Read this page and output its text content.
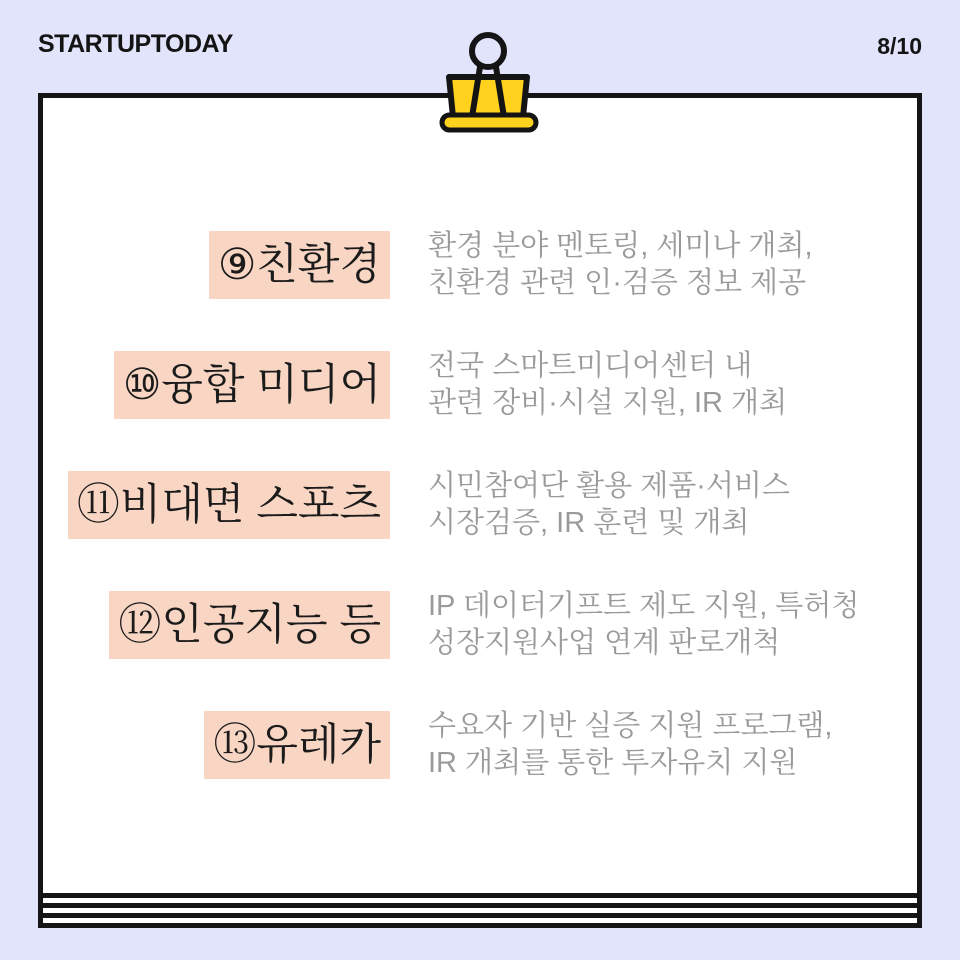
STARTUPTODAY	8/10
⑨친환경	환경 분야 멘토링, 세미나 개최,
친환경 관련 인·검증 정보 제공
⑩융합 미디어	전국 스마트미디어센터 내
관련 장비·시설 지원, IR 개최
⑪비대면 스포츠	시민참여단 활용 제품·서비스
시장검증, IR 훈련 및 개최
⑫인공지능 등	IP 데이터기프트 제도 지원, 특허청
성장지원사업 연계 판로개척
⑬유레카	수요자 기반 실증 지원 프로그램,
IR 개최를 통한 투자유치 지원
